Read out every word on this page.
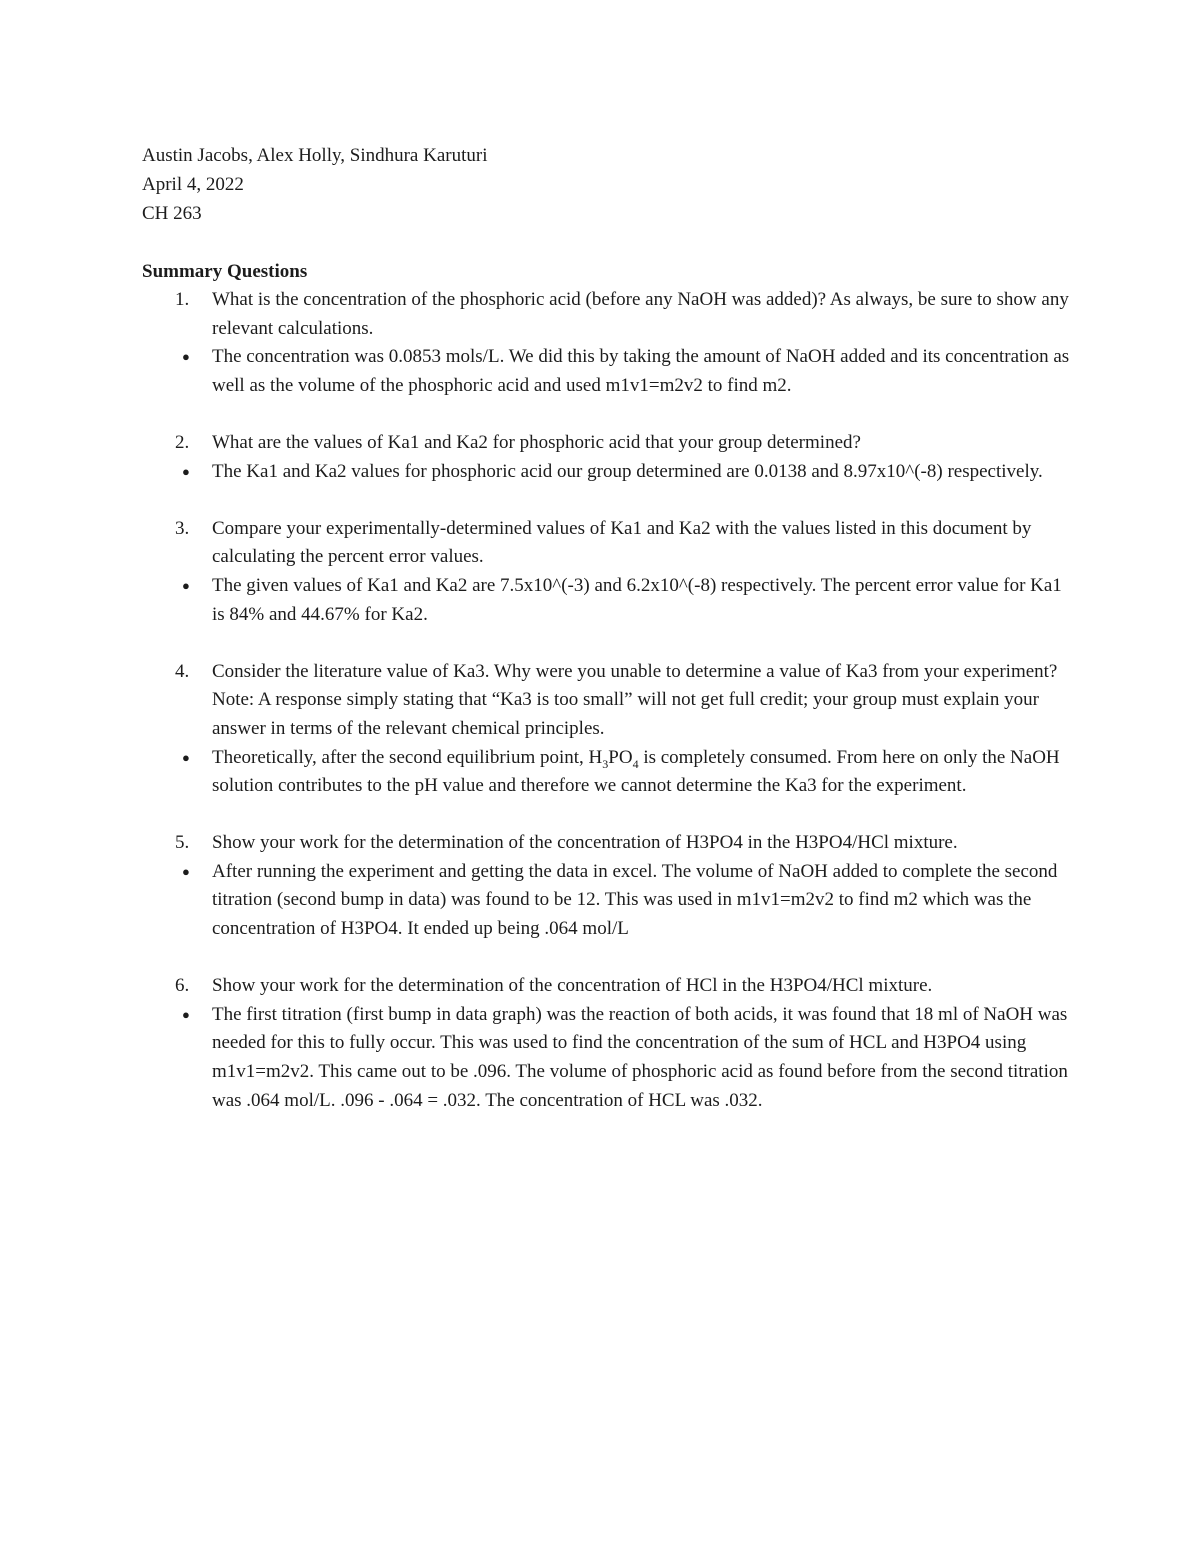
Austin Jacobs, Alex Holly, Sindhura Karuturi
April 4, 2022
CH 263
Summary Questions
1. What is the concentration of the phosphoric acid (before any NaOH was added)? As always, be sure to show any relevant calculations.
● The concentration was 0.0853 mols/L. We did this by taking the amount of NaOH added and its concentration as well as the volume of the phosphoric acid and used m1v1=m2v2 to find m2.
2. What are the values of Ka1 and Ka2 for phosphoric acid that your group determined?
● The Ka1 and Ka2 values for phosphoric acid our group determined are 0.0138 and 8.97x10^(-8) respectively.
3. Compare your experimentally-determined values of Ka1 and Ka2 with the values listed in this document by calculating the percent error values.
● The given values of Ka1 and Ka2 are 7.5x10^(-3) and 6.2x10^(-8) respectively. The percent error value for Ka1 is 84% and 44.67% for Ka2.
4. Consider the literature value of Ka3. Why were you unable to determine a value of Ka3 from your experiment? Note: A response simply stating that “Ka3 is too small” will not get full credit; your group must explain your answer in terms of the relevant chemical principles.
● Theoretically, after the second equilibrium point, $H_3PO_4$ is completely consumed. From here on only the NaOH solution contributes to the pH value and therefore we cannot determine the Ka3 for the experiment.
5. Show your work for the determination of the concentration of H3PO4 in the H3PO4/HCl mixture.
● After running the experiment and getting the data in excel. The volume of NaOH added to complete the second titration (second bump in data) was found to be 12. This was used in m1v1=m2v2 to find m2 which was the concentration of H3PO4. It ended up being .064 mol/L
6. Show your work for the determination of the concentration of HCl in the H3PO4/HCl mixture.
● The first titration (first bump in data graph) was the reaction of both acids, it was found that 18 ml of NaOH was needed for this to fully occur. This was used to find the concentration of the sum of HCL and H3PO4 using m1v1=m2v2. This came out to be .096. The volume of phosphoric acid as found before from the second titration was .064 mol/L. .096 - .064 = .032. The concentration of HCL was .032.
